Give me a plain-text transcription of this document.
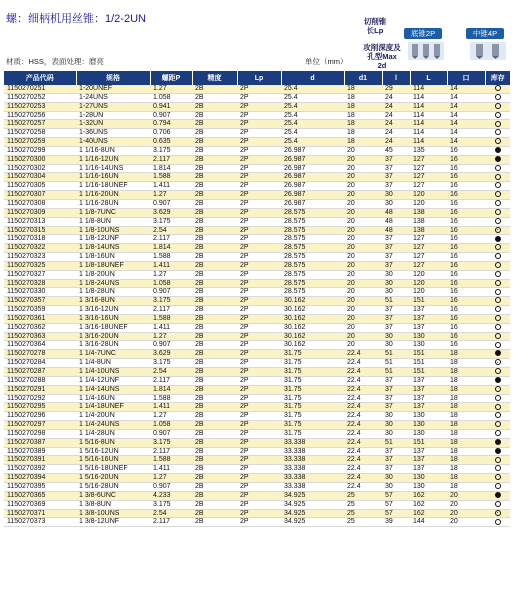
螺：细柄机用丝锥：1/2-2UN	切削锥长Lp	底锥2P	中锥4P
攻削深度及孔型Max 2d
材质：HSS，表面处理：磨亮	单位（mm）
产品代码	规格	螺距P	精度	Lp	d	d1	l	L	口	库存
1150270251	1-20UNEF	1.27	2B	2P	25.4	18	29	114	14	
1150270252	1-24UNS	1.058	2B	2P	25.4	18	24	114	14	
1150270253	1-27UNS	0.941	2B	2P	25.4	18	24	114	14	
1150270256	1-28UN	0.907	2B	2P	25.4	18	24	114	14	
1150270257	1-32UN	0.794	2B	2P	25.4	18	24	114	14	
1150270258	1-36UNS	0.706	2B	2P	25.4	18	24	114	14	
1150270259	1-40UNS	0.635	2B	2P	25.4	18	24	114	14	
1150270299	1 1/16-8UN	3.175	2B	2P	26.987	20	45	135	16	
1150270300	1 1/16-12UN	2.117	2B	2P	26.987	20	37	127	16	
1150270302	1 1/16-14UNS	1.814	2B	2P	26.987	20	37	127	16	
1150270304	1 1/16-16UN	1.588	2B	2P	26.987	20	37	127	16	
1150270305	1 1/16-18UNEF	1.411	2B	2P	26.987	20	37	127	16	
1150270307	1 1/16-20UN	1.27	2B	2P	26.987	20	30	120	16	
1150270308	1 1/16-28UN	0.907	2B	2P	26.987	20	30	120	16	
1150270309	1 1/8-7UNC	3.629	2B	2P	28.575	20	48	138	16	
1150270313	1 1/8-8UN	3.175	2B	2P	28.575	20	48	138	16	
1150270315	1 1/8-10UNS	2.54	2B	2P	28.575	20	48	138	16	
1150270318	1 1/8-12UNF	2.117	2B	2P	28.575	20	37	127	16	
1150270322	1 1/8-14UNS	1.814	2B	2P	28.575	20	37	127	16	
1150270323	1 1/8-16UN	1.588	2B	2P	28.575	20	37	127	16	
1150270325	1 1/8-18UNEF	1.411	2B	2P	28.575	20	37	127	16	
1150270327	1 1/8-20UN	1.27	2B	2P	28.575	20	30	120	16	
1150270328	1 1/8-24UNS	1.058	2B	2P	28.575	20	30	120	16	
1150270330	1 1/8-28UN	0.907	2B	2P	28.575	20	30	120	16	
1150270357	1 3/16-8UN	3.175	2B	2P	30.162	20	51	151	16	
1150270359	1 3/16-12UN	2.117	2B	2P	30.162	20	37	137	16	
1150270361	1 3/16-16UN	1.588	2B	2P	30.162	20	37	137	16	
1150270362	1 3/16-18UNEF	1.411	2B	2P	30.162	20	37	137	16	
1150270363	1 3/16-20UN	1.27	2B	2P	30.162	20	30	130	16	
1150270364	1 3/16-28UN	0.907	2B	2P	30.162	20	30	130	16	
1150270278	1 1/4-7UNC	3.629	2B	2P	31.75	22.4	51	151	18	
1150270284	1 1/4-8UN	3.175	2B	2P	31.75	22.4	51	151	18	
1150270287	1 1/4-10UNS	2.54	2B	2P	31.75	22.4	51	151	18	
1150270288	1 1/4-12UNF	2.117	2B	2P	31.75	22.4	37	137	18	
1150270291	1 1/4-14UNS	1.814	2B	2P	31.75	22.4	37	137	18	
1150270292	1 1/4-16UN	1.588	2B	2P	31.75	22.4	37	137	18	
1150270295	1 1/4-18UNEF	1.411	2B	2P	31.75	22.4	37	137	18	
1150270296	1 1/4-20UN	1.27	2B	2P	31.75	22.4	30	130	18	
1150270297	1 1/4-24UNS	1.058	2B	2P	31.75	22.4	30	130	18	
1150270298	1 1/4-28UN	0.907	2B	2P	31.75	22.4	30	130	18	
1150270387	1 5/16-8UN	3.175	2B	2P	33.338	22.4	51	151	18	
1150270389	1 5/16-12UN	2.117	2B	2P	33.338	22.4	37	137	18	
1150270391	1 5/16-16UN	1.588	2B	2P	33.338	22.4	37	137	18	
1150270392	1 5/16-18UNEF	1.411	2B	2P	33.338	22.4	37	137	18	
1150270394	1 5/16-20UN	1.27	2B	2P	33.338	22.4	30	130	18	
1150270395	1 5/16-28UN	0.907	2B	2P	33.338	22.4	30	130	18	
1150270365	1 3/8-6UNC	4.233	2B	2P	34.925	25	57	162	20	
1150270369	1 3/8-8UN	3.175	2B	2P	34.925	25	57	162	20	
1150270371	1 3/8-10UNS	2.54	2B	2P	34.925	25	57	162	20	
1150270373	1 3/8-12UNF	2.117	2B	2P	34.925	25	39	144	20	
